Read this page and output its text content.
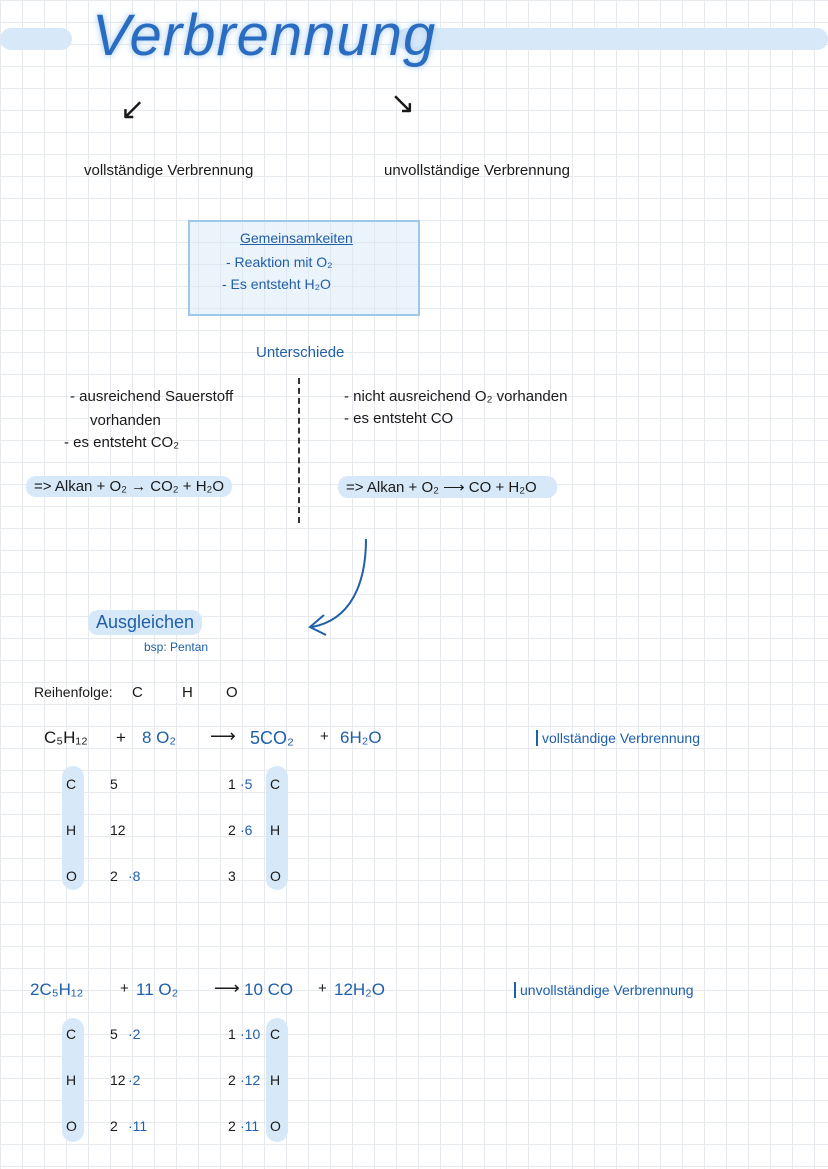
Verbrennung
↙	↘
vollständige Verbrennung	unvollständige Verbrennung
Gemeinsamkeiten
- Reaktion mit O₂
- Es entsteht H₂O
Unterschiede
- ausreichend Sauerstoff
vorhanden
- es entsteht CO₂
=> Alkan + O₂ → CO₂ + H₂O
- nicht ausreichend O₂ vorhanden
- es entsteht CO
=> Alkan + O₂ ⟶ CO + H₂O
Ausgleichen
bsp: Pentan
Reihenfolge: C	H O
C₅H₁₂ + 8 O₂ ⟶ 5CO₂ + 6H₂O	vollständige Verbrennung
C 5	1 ·5 C
H 12	2 ·6 H
O 2 ·8	3 O
2C₅H₁₂ + 11 O₂ ⟶ 10 CO + 12H₂O	unvollständige Verbrennung
C 5 ·2	1 ·10 C
H 12 ·2	2 ·12 H
O 2 ·11	2 ·11 O
